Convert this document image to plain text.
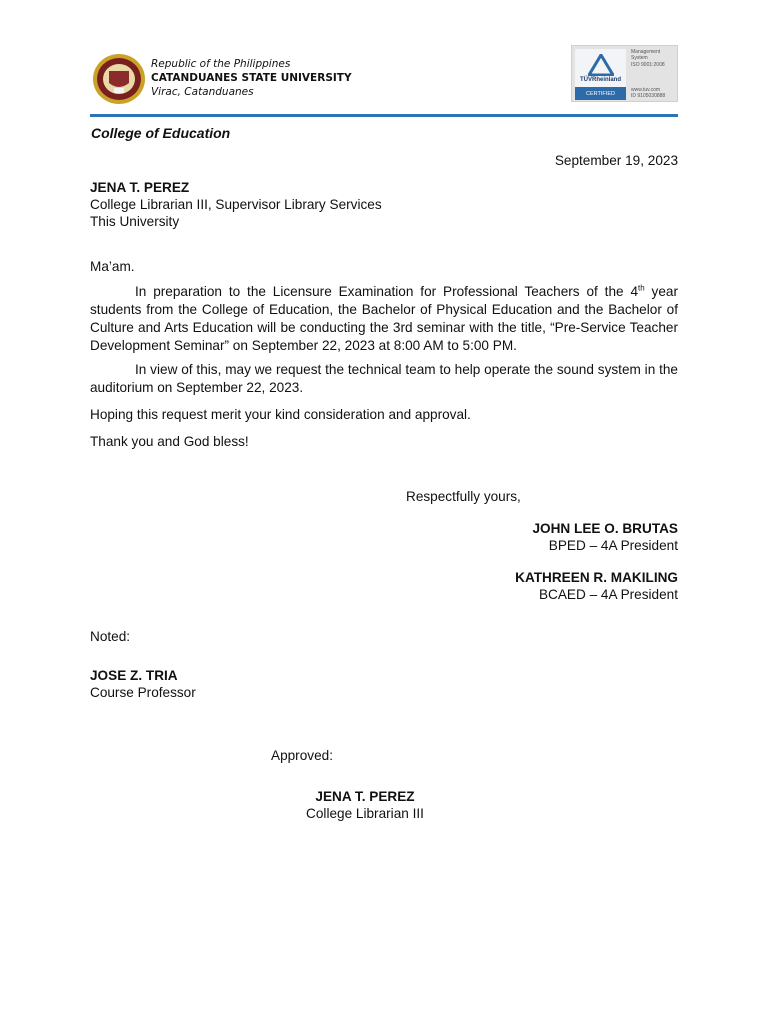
Republic of the Philippines
CATANDUANES STATE UNIVERSITY
Virac, Catanduanes
TÜVRheinland
CERTIFIED
Management
System
ISO 9001:2008
www.tuv.com
ID 9105030888
College of Education
September 19, 2023
JENA T. PEREZ
College Librarian III, Supervisor Library Services
This University
Ma’am.
In preparation to the Licensure Examination for Professional Teachers of the 4th year students from the College of Education, the Bachelor of Physical Education and the Bachelor of Culture and Arts Education will be conducting the 3rd seminar with the title, “Pre-Service Teacher Development Seminar” on September 22, 2023 at 8:00 AM to 5:00 PM.
In view of this, may we request the technical team to help operate the sound system in the auditorium on September 22, 2023.
Hoping this request merit your kind consideration and approval.
Thank you and God bless!
Respectfully yours,
JOHN LEE O. BRUTAS
BPED – 4A President
KATHREEN R. MAKILING
BCAED – 4A President
Noted:
JOSE Z. TRIA
Course Professor
Approved:
JENA T. PEREZ
College Librarian III
